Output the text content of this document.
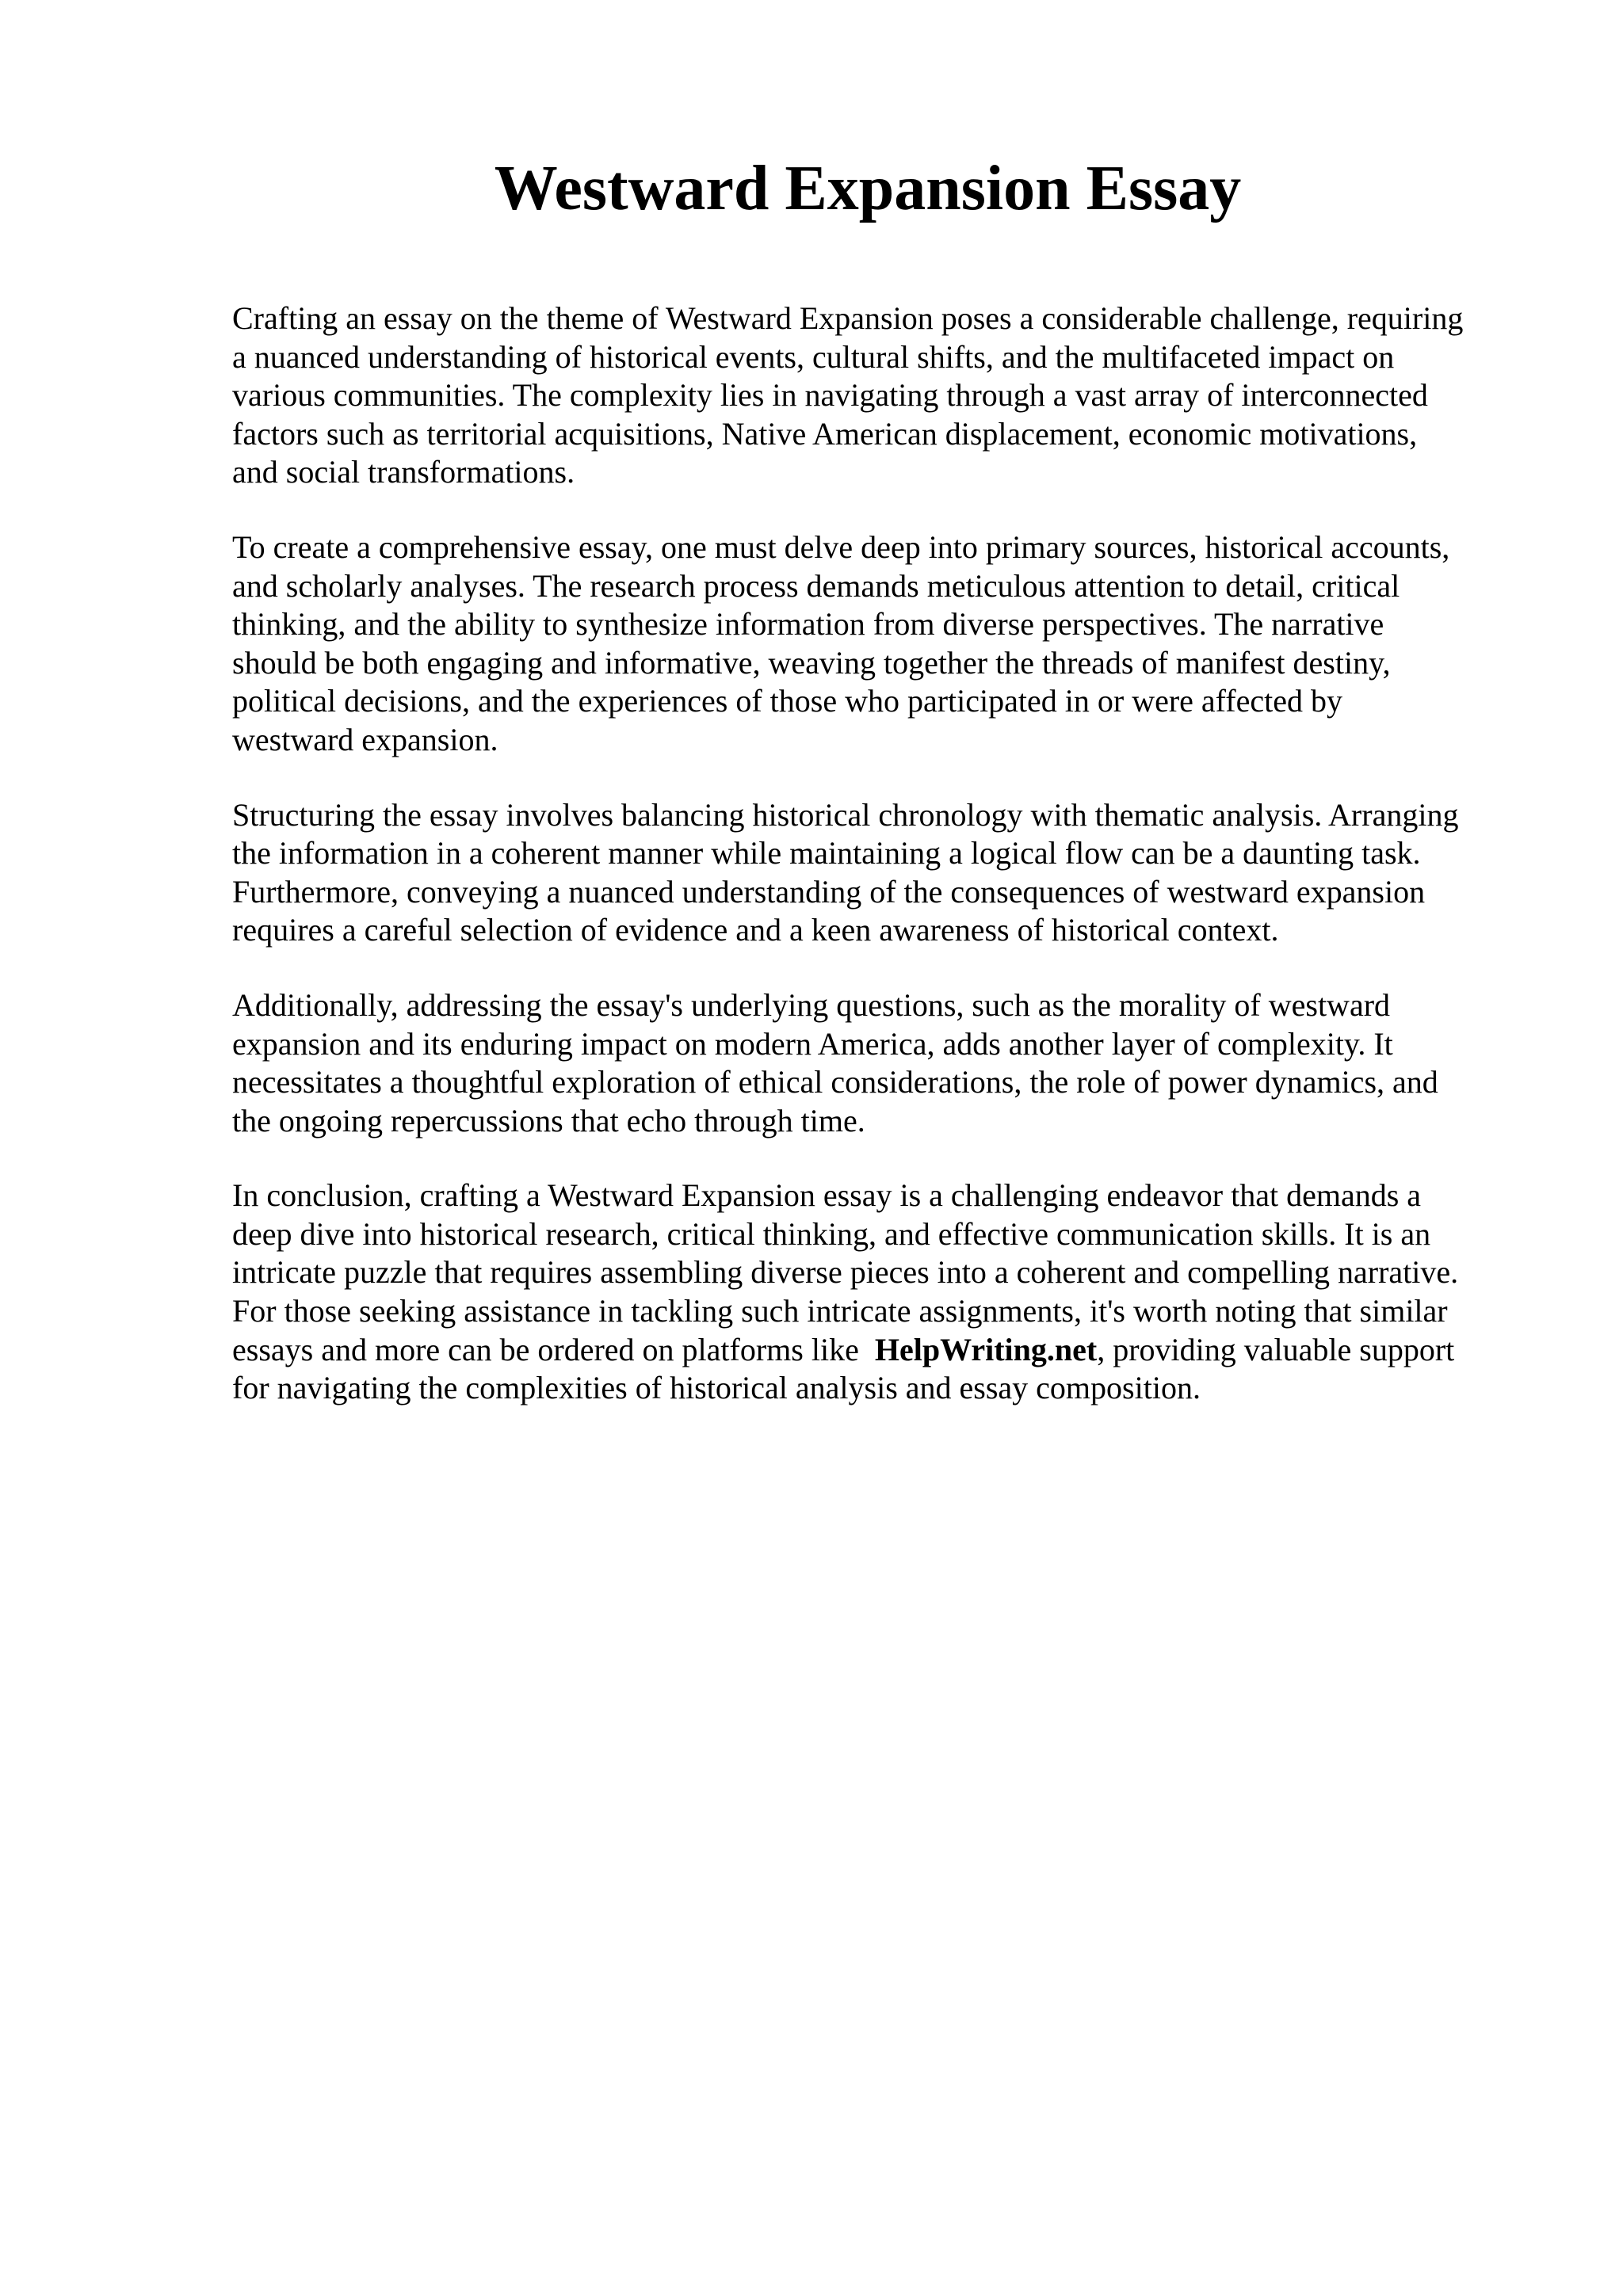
Westward Expansion Essay

Crafting an essay on the theme of Westward Expansion poses a considerable challenge, requiring
a nuanced understanding of historical events, cultural shifts, and the multifaceted impact on
various communities. The complexity lies in navigating through a vast array of interconnected
factors such as territorial acquisitions, Native American displacement, economic motivations,
and social transformations.

To create a comprehensive essay, one must delve deep into primary sources, historical accounts,
and scholarly analyses. The research process demands meticulous attention to detail, critical
thinking, and the ability to synthesize information from diverse perspectives. The narrative
should be both engaging and informative, weaving together the threads of manifest destiny,
political decisions, and the experiences of those who participated in or were affected by
westward expansion.

Structuring the essay involves balancing historical chronology with thematic analysis. Arranging
the information in a coherent manner while maintaining a logical flow can be a daunting task.
Furthermore, conveying a nuanced understanding of the consequences of westward expansion
requires a careful selection of evidence and a keen awareness of historical context.

Additionally, addressing the essay's underlying questions, such as the morality of westward
expansion and its enduring impact on modern America, adds another layer of complexity. It
necessitates a thoughtful exploration of ethical considerations, the role of power dynamics, and
the ongoing repercussions that echo through time.

In conclusion, crafting a Westward Expansion essay is a challenging endeavor that demands a
deep dive into historical research, critical thinking, and effective communication skills. It is an
intricate puzzle that requires assembling diverse pieces into a coherent and compelling narrative.
For those seeking assistance in tackling such intricate assignments, it's worth noting that similar
essays and more can be ordered on platforms like HelpWriting.net, providing valuable support
for navigating the complexities of historical analysis and essay composition.
